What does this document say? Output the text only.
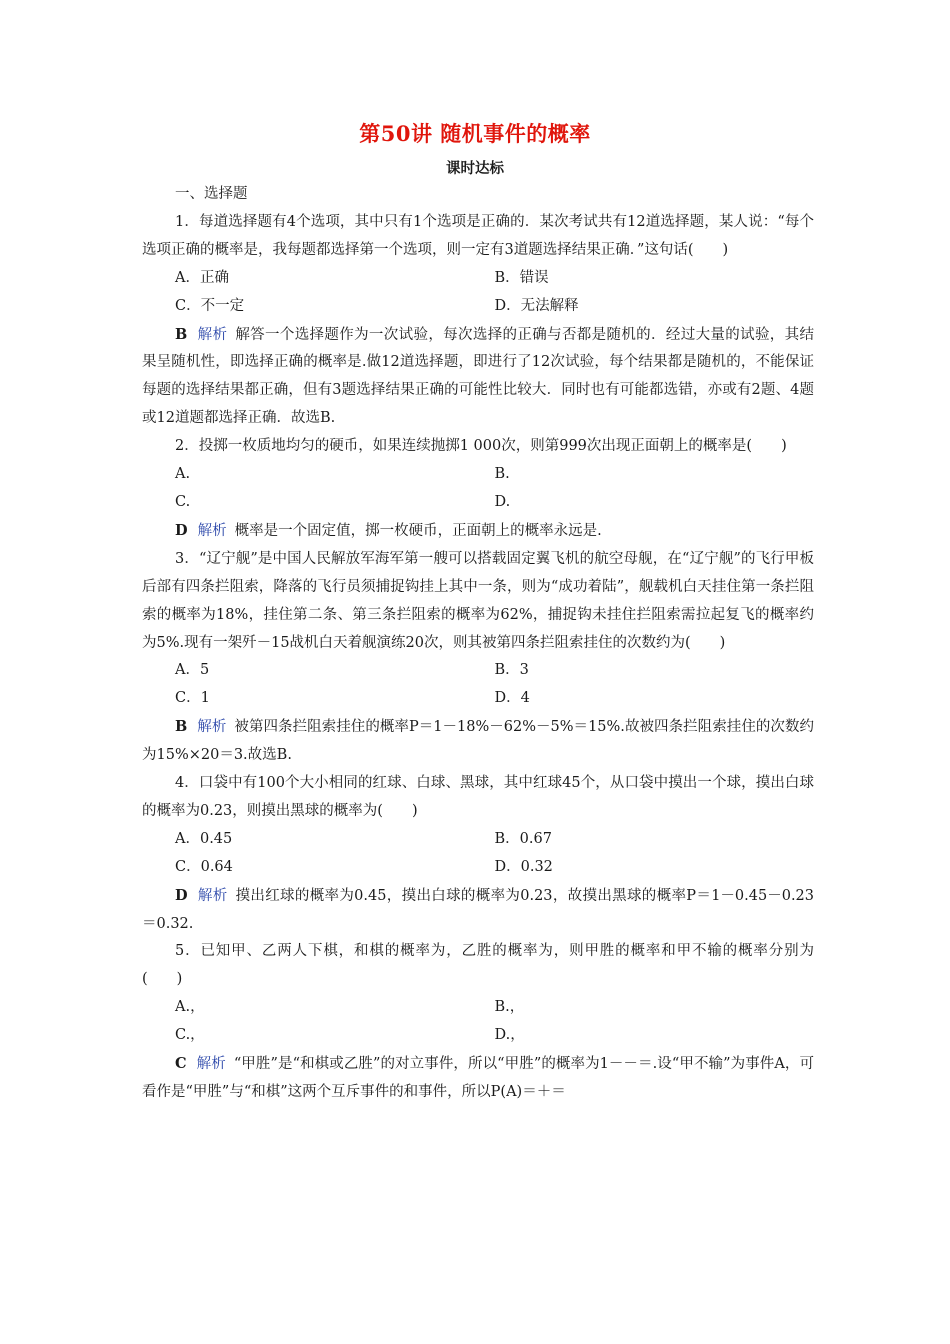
第50讲 随机事件的概率
课时达标

一、选择题

1．每道选择题有4个选项，其中只有1个选项是正确的．某次考试共有12道选择题，某人说：“每个选项正确的概率是，我每题都选择第一个选项，则一定有3道题选择结果正确．”这句话(　　)

A．正确	B．错误
C．不一定	D．无法解释

B 解析 解答一个选择题作为一次试验，每次选择的正确与否都是随机的．经过大量的试验，其结果呈随机性，即选择正确的概率是.做12道选择题，即进行了12次试验，每个结果都是随机的，不能保证每题的选择结果都正确，但有3题选择结果正确的可能性比较大．同时也有可能都选错，亦或有2题、4题或12道题都选择正确．故选B.

2．投掷一枚质地均匀的硬币，如果连续抛掷1 000次，则第999次出现正面朝上的概率是(　　)

A.	B.
C.	D.

D 解析 概率是一个固定值，掷一枚硬币，正面朝上的概率永远是.

3．“辽宁舰”是中国人民解放军海军第一艘可以搭载固定翼飞机的航空母舰，在“辽宁舰”的飞行甲板后部有四条拦阻索，降落的飞行员须捕捉钩挂上其中一条，则为“成功着陆”，舰载机白天挂住第一条拦阻索的概率为18%，挂住第二条、第三条拦阻索的概率为62%，捕捉钩未挂住拦阻索需拉起复飞的概率约为5%.现有一架歼－15战机白天着舰演练20次，则其被第四条拦阻索挂住的次数约为(　　)

A．5	B．3
C．1	D．4

B 解析 被第四条拦阻索挂住的概率P＝1－18%－62%－5%＝15%.故被四条拦阻索挂住的次数约为15%×20＝3.故选B.

4．口袋中有100个大小相同的红球、白球、黑球，其中红球45个，从口袋中摸出一个球，摸出白球的概率为0.23，则摸出黑球的概率为(　　)

A．0.45	B．0.67
C．0.64	D．0.32

D 解析 摸出红球的概率为0.45，摸出白球的概率为0.23，故摸出黑球的概率P＝1－0.45－0.23＝0.32.

5．已知甲、乙两人下棋，和棋的概率为，乙胜的概率为，则甲胜的概率和甲不输的概率分别为(　　)

A.，	B.，
C.，	D.，

C 解析 “甲胜”是“和棋或乙胜”的对立事件，所以“甲胜”的概率为1－－＝.设“甲不输”为事件A，可看作是“甲胜”与“和棋”这两个互斥事件的和事件，所以P(A)＝＋＝
